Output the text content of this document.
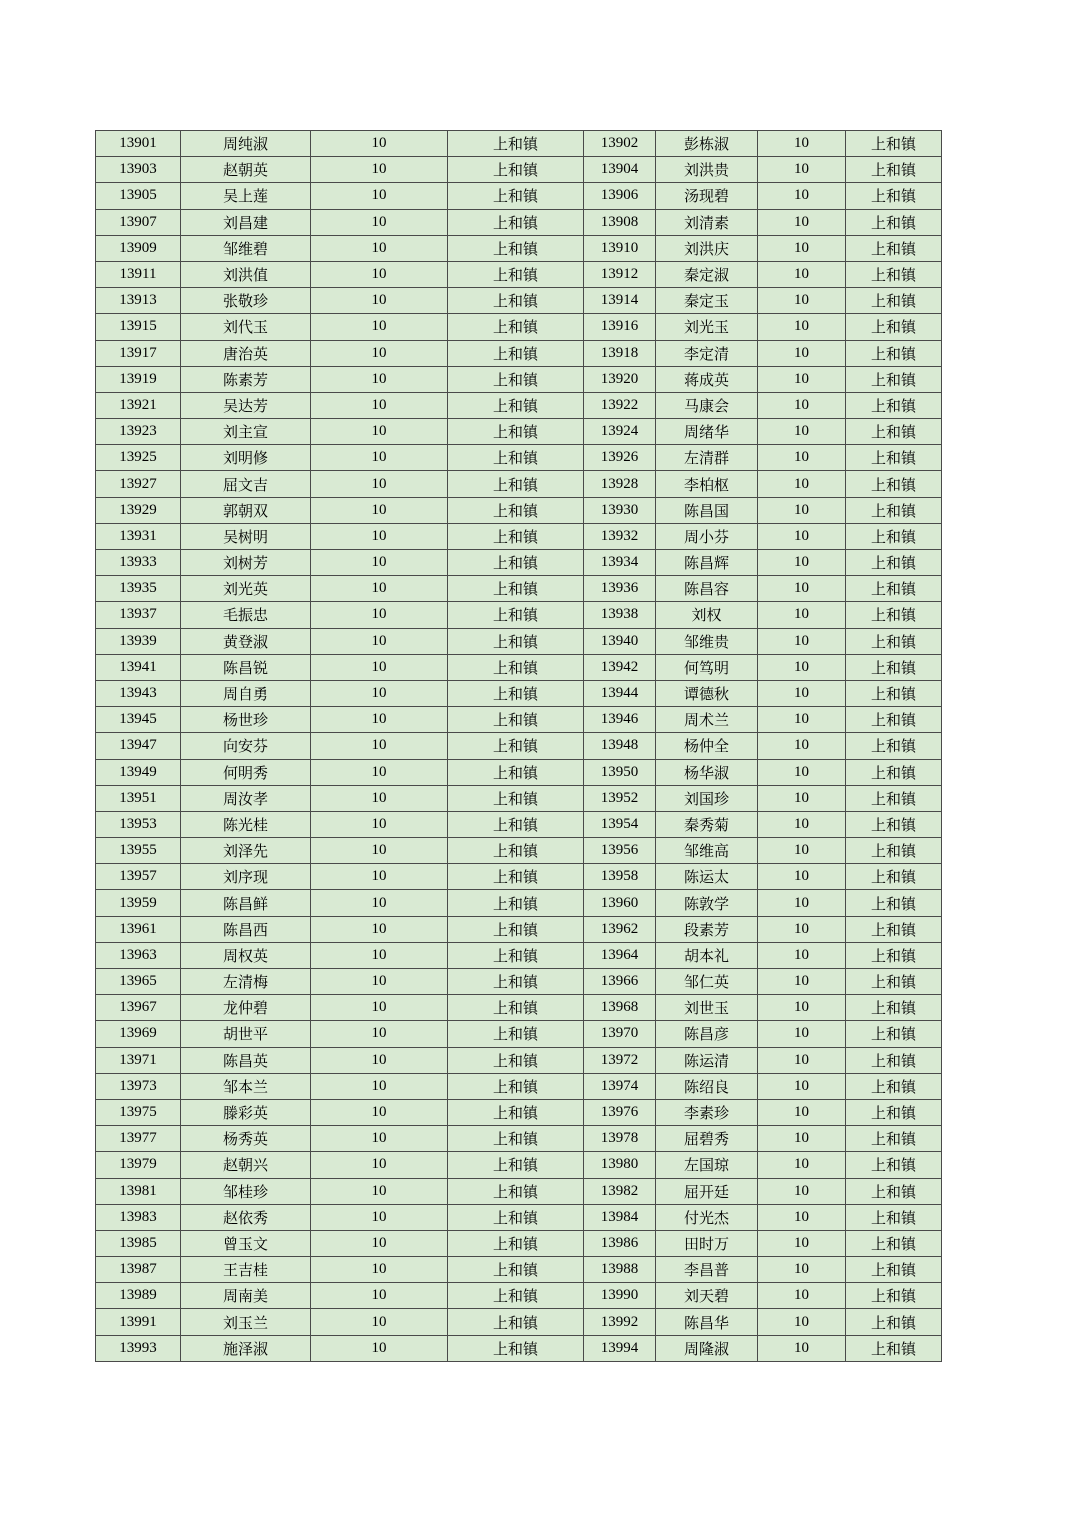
13901	周纯淑	10	上和镇	13902	彭栋淑	10	上和镇
13903	赵朝英	10	上和镇	13904	刘洪贵	10	上和镇
13905	吴上莲	10	上和镇	13906	汤现碧	10	上和镇
13907	刘昌建	10	上和镇	13908	刘清素	10	上和镇
13909	邹维碧	10	上和镇	13910	刘洪庆	10	上和镇
13911	刘洪值	10	上和镇	13912	秦定淑	10	上和镇
13913	张敬珍	10	上和镇	13914	秦定玉	10	上和镇
13915	刘代玉	10	上和镇	13916	刘光玉	10	上和镇
13917	唐治英	10	上和镇	13918	李定清	10	上和镇
13919	陈素芳	10	上和镇	13920	蒋成英	10	上和镇
13921	吴达芳	10	上和镇	13922	马康会	10	上和镇
13923	刘主宣	10	上和镇	13924	周绪华	10	上和镇
13925	刘明修	10	上和镇	13926	左清群	10	上和镇
13927	屈文吉	10	上和镇	13928	李柏枢	10	上和镇
13929	郭朝双	10	上和镇	13930	陈昌国	10	上和镇
13931	吴树明	10	上和镇	13932	周小芬	10	上和镇
13933	刘树芳	10	上和镇	13934	陈昌辉	10	上和镇
13935	刘光英	10	上和镇	13936	陈昌容	10	上和镇
13937	毛振忠	10	上和镇	13938	刘权	10	上和镇
13939	黄登淑	10	上和镇	13940	邹维贵	10	上和镇
13941	陈昌锐	10	上和镇	13942	何笃明	10	上和镇
13943	周自勇	10	上和镇	13944	谭德秋	10	上和镇
13945	杨世珍	10	上和镇	13946	周术兰	10	上和镇
13947	向安芬	10	上和镇	13948	杨仲全	10	上和镇
13949	何明秀	10	上和镇	13950	杨华淑	10	上和镇
13951	周汝孝	10	上和镇	13952	刘国珍	10	上和镇
13953	陈光桂	10	上和镇	13954	秦秀菊	10	上和镇
13955	刘泽先	10	上和镇	13956	邹维高	10	上和镇
13957	刘序现	10	上和镇	13958	陈运太	10	上和镇
13959	陈昌鲜	10	上和镇	13960	陈敦学	10	上和镇
13961	陈昌西	10	上和镇	13962	段素芳	10	上和镇
13963	周权英	10	上和镇	13964	胡本礼	10	上和镇
13965	左清梅	10	上和镇	13966	邹仁英	10	上和镇
13967	龙仲碧	10	上和镇	13968	刘世玉	10	上和镇
13969	胡世平	10	上和镇	13970	陈昌彦	10	上和镇
13971	陈昌英	10	上和镇	13972	陈运清	10	上和镇
13973	邹本兰	10	上和镇	13974	陈绍良	10	上和镇
13975	滕彩英	10	上和镇	13976	李素珍	10	上和镇
13977	杨秀英	10	上和镇	13978	屈碧秀	10	上和镇
13979	赵朝兴	10	上和镇	13980	左国琼	10	上和镇
13981	邹桂珍	10	上和镇	13982	屈开廷	10	上和镇
13983	赵依秀	10	上和镇	13984	付光杰	10	上和镇
13985	曾玉文	10	上和镇	13986	田时万	10	上和镇
13987	王吉桂	10	上和镇	13988	李昌普	10	上和镇
13989	周南美	10	上和镇	13990	刘天碧	10	上和镇
13991	刘玉兰	10	上和镇	13992	陈昌华	10	上和镇
13993	施泽淑	10	上和镇	13994	周隆淑	10	上和镇
